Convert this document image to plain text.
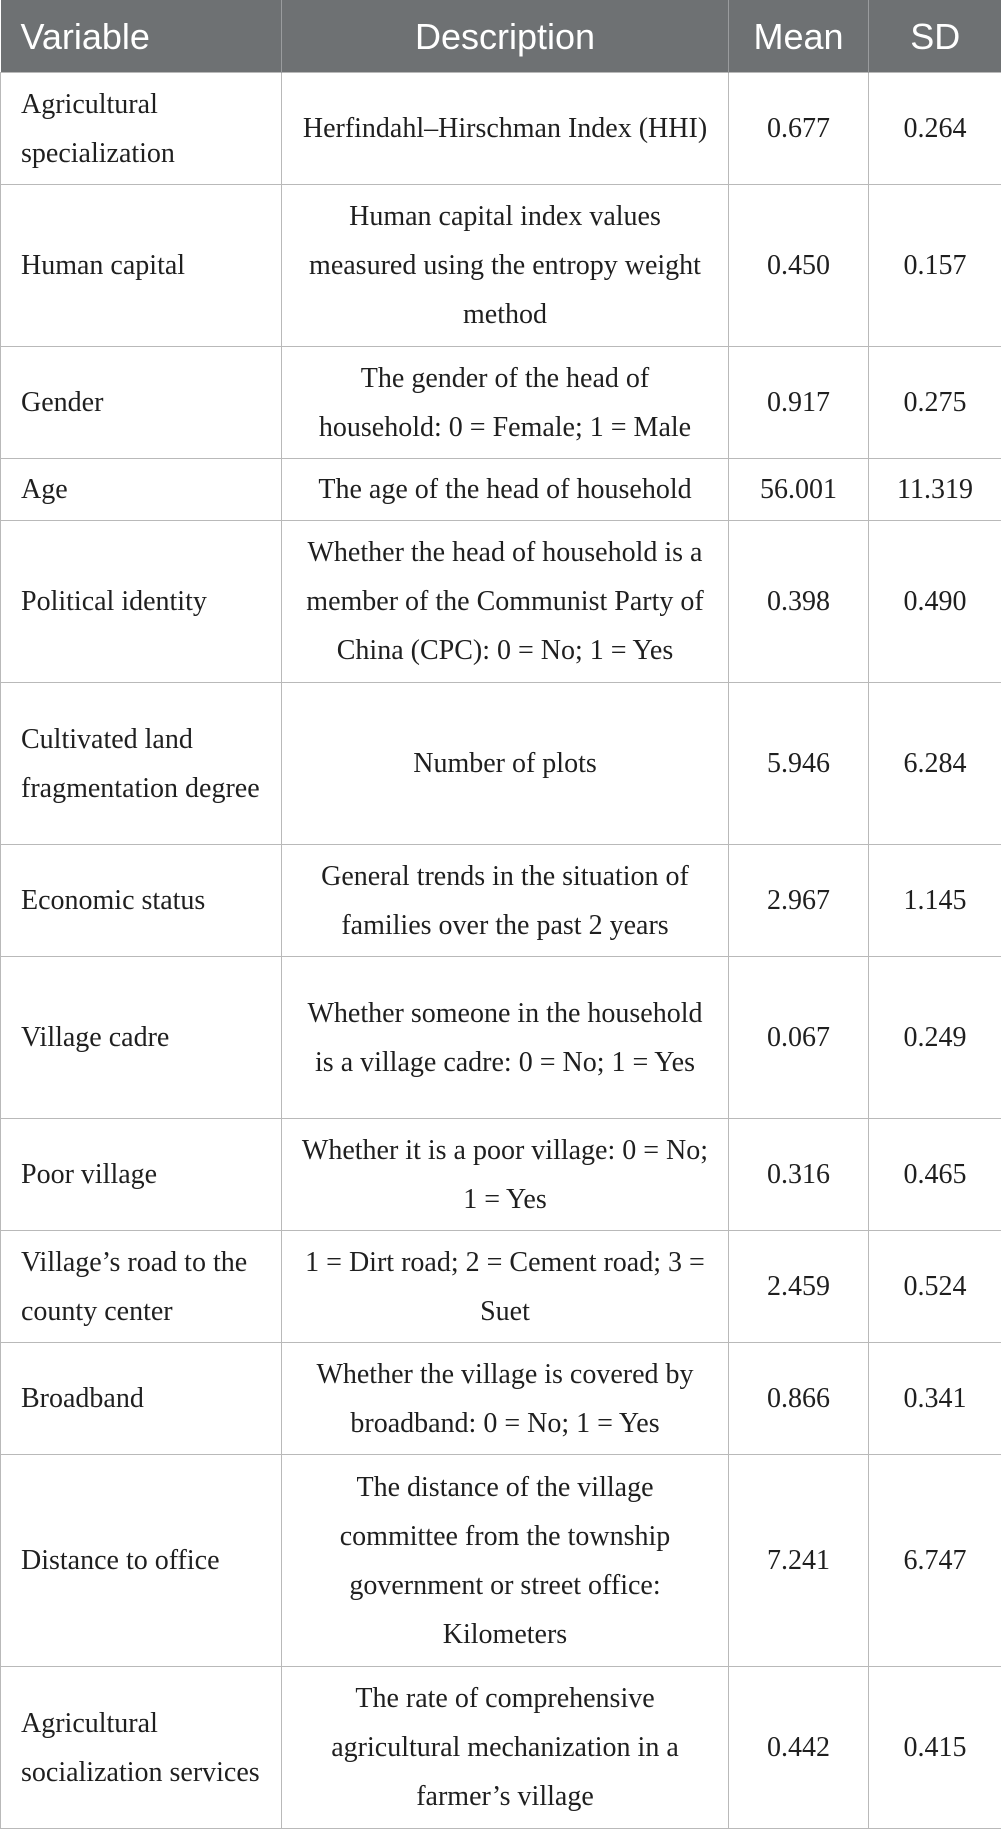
Variable	Description	Mean	SD
Agricultural specialization	Herfindahl–Hirschman Index (HHI)	0.677	0.264
Human capital	Human capital index values measured using the entropy weight method	0.450	0.157
Gender	The gender of the head of household: 0 = Female; 1 = Male	0.917	0.275
Age	The age of the head of household	56.001	11.319
Political identity	Whether the head of household is a member of the Communist Party of China (CPC): 0 = No; 1 = Yes	0.398	0.490
Cultivated land fragmentation degree	Number of plots	5.946	6.284
Economic status	General trends in the situation of families over the past 2 years	2.967	1.145
Village cadre	Whether someone in the household is a village cadre: 0 = No; 1 = Yes	0.067	0.249
Poor village	Whether it is a poor village: 0 = No; 1 = Yes	0.316	0.465
Village’s road to the county center	1 = Dirt road; 2 = Cement road; 3 = Suet	2.459	0.524
Broadband	Whether the village is covered by broadband: 0 = No; 1 = Yes	0.866	0.341
Distance to office	The distance of the village committee from the township government or street office: Kilometers	7.241	6.747
Agricultural socialization services	The rate of comprehensive agricultural mechanization in a farmer’s village	0.442	0.415
